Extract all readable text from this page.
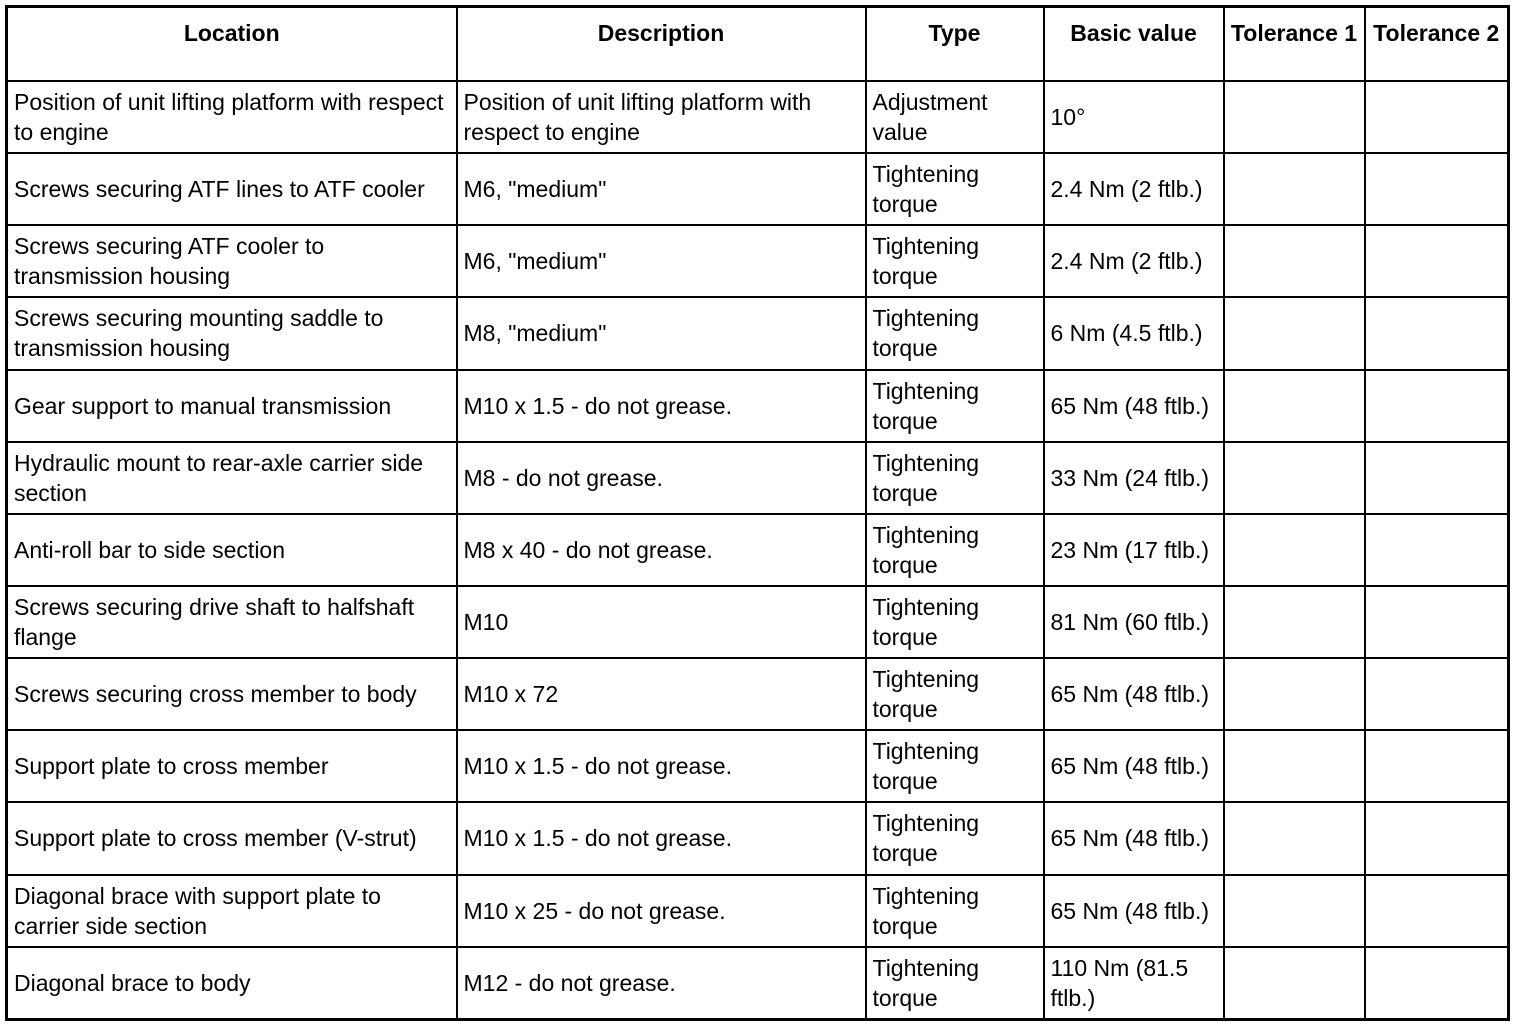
Location	Description	Type	Basic value	Tolerance 1	Tolerance 2
Position of unit lifting platform with respect to engine	Position of unit lifting platform with respect to engine	Adjustment value	10°		
Screws securing ATF lines to ATF cooler	M6, "medium"	Tightening torque	2.4 Nm (2 ftlb.)		
Screws securing ATF cooler to transmission housing	M6, "medium"	Tightening torque	2.4 Nm (2 ftlb.)		
Screws securing mounting saddle to transmission housing	M8, "medium"	Tightening torque	6 Nm (4.5 ftlb.)		
Gear support to manual transmission	M10 x 1.5 - do not grease.	Tightening torque	65 Nm (48 ftlb.)		
Hydraulic mount to rear-axle carrier side section	M8 - do not grease.	Tightening torque	33 Nm (24 ftlb.)		
Anti-roll bar to side section	M8 x 40 - do not grease.	Tightening torque	23 Nm (17 ftlb.)		
Screws securing drive shaft to halfshaft flange	M10	Tightening torque	81 Nm (60 ftlb.)		
Screws securing cross member to body	M10 x 72	Tightening torque	65 Nm (48 ftlb.)		
Support plate to cross member	M10 x 1.5 - do not grease.	Tightening torque	65 Nm (48 ftlb.)		
Support plate to cross member (V-strut)	M10 x 1.5 - do not grease.	Tightening torque	65 Nm (48 ftlb.)		
Diagonal brace with support plate to carrier side section	M10 x 25 - do not grease.	Tightening torque	65 Nm (48 ftlb.)		
Diagonal brace to body	M12 - do not grease.	Tightening torque	110 Nm (81.5 ftlb.)		
